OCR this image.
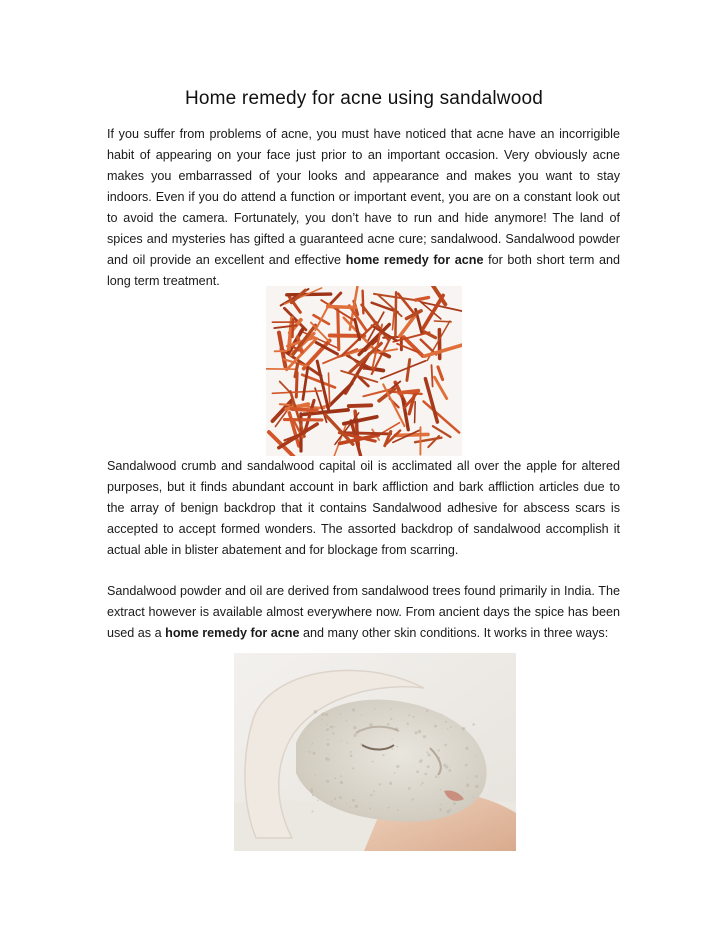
Home remedy for acne using sandalwood
If you suffer from problems of acne, you must have noticed that acne have an incorrigible habit of appearing on your face just prior to an important occasion. Very obviously acne makes you embarrassed of your looks and appearance and makes you want to stay indoors. Even if you do attend a function or important event, you are on a constant look out to avoid the camera. Fortunately, you don’t have to run and hide anymore! The land of spices and mysteries has gifted a guaranteed acne cure; sandalwood. Sandalwood powder and oil provide an excellent and effective home remedy for acne for both short term and long term treatment.
Sandalwood crumb and sandalwood capital oil is acclimated all over the apple for altered purposes, but it finds abundant account in bark affliction and bark affliction articles due to the array of benign backdrop that it contains Sandalwood adhesive for abscess scars is accepted to accept formed wonders. The assorted backdrop of sandalwood accomplish it actual able in blister abatement and for blockage from scarring.
Sandalwood powder and oil are derived from sandalwood trees found primarily in India. The extract however is available almost everywhere now. From ancient days the spice has been used as a home remedy for acne and many other skin conditions. It works in three ways:
